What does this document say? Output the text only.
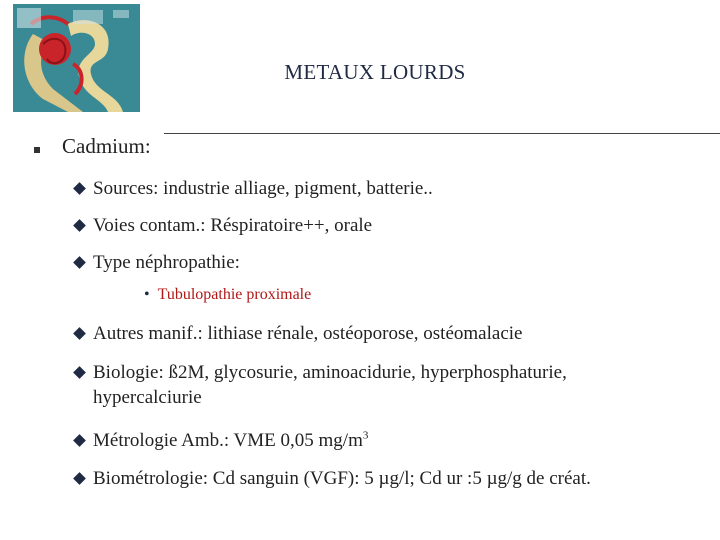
METAUX LOURDS
Cadmium:
Sources: industrie alliage, pigment, batterie..
Voies contam.: Résp​iratoire++, orale
Type néphropathie:
• Tubulopathie proximale
Autres manif.: lithiase rénale, ostéoporose, ostéomalacie
Biologie: ß2M, glycosurie, aminoacidurie, hyperphosphaturie,
hypercalciurie
Métrologie Amb.: VME 0,05 $mg/m^3$
Biométrologie: Cd sanguin (VGF): 5 µg/l; Cd ur :5 µg/g de créat.
